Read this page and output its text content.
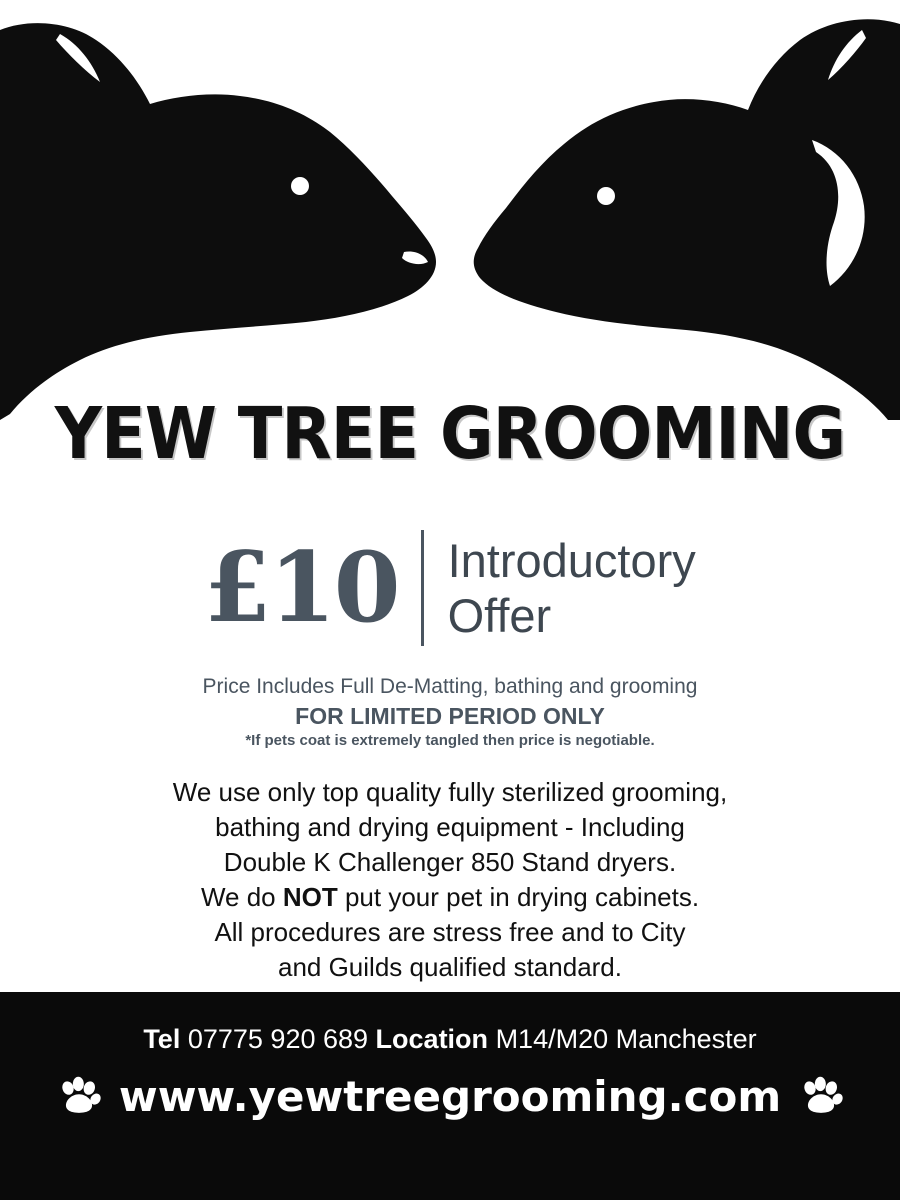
YEW TREE GROOMING
£10	Introductory
Offer
Price Includes Full De-Matting, bathing and grooming
FOR LIMITED PERIOD ONLY
*If pets coat is extremely tangled then price is negotiable.
We use only top quality fully sterilized grooming,
bathing and drying equipment - Including
Double K Challenger 850 Stand dryers.
We do NOT put your pet in drying cabinets.
All procedures are stress free and to City
and Guilds qualified standard.
Tel 07775 920 689 Location M14/M20 Manchester
www.yewtreegrooming.com
